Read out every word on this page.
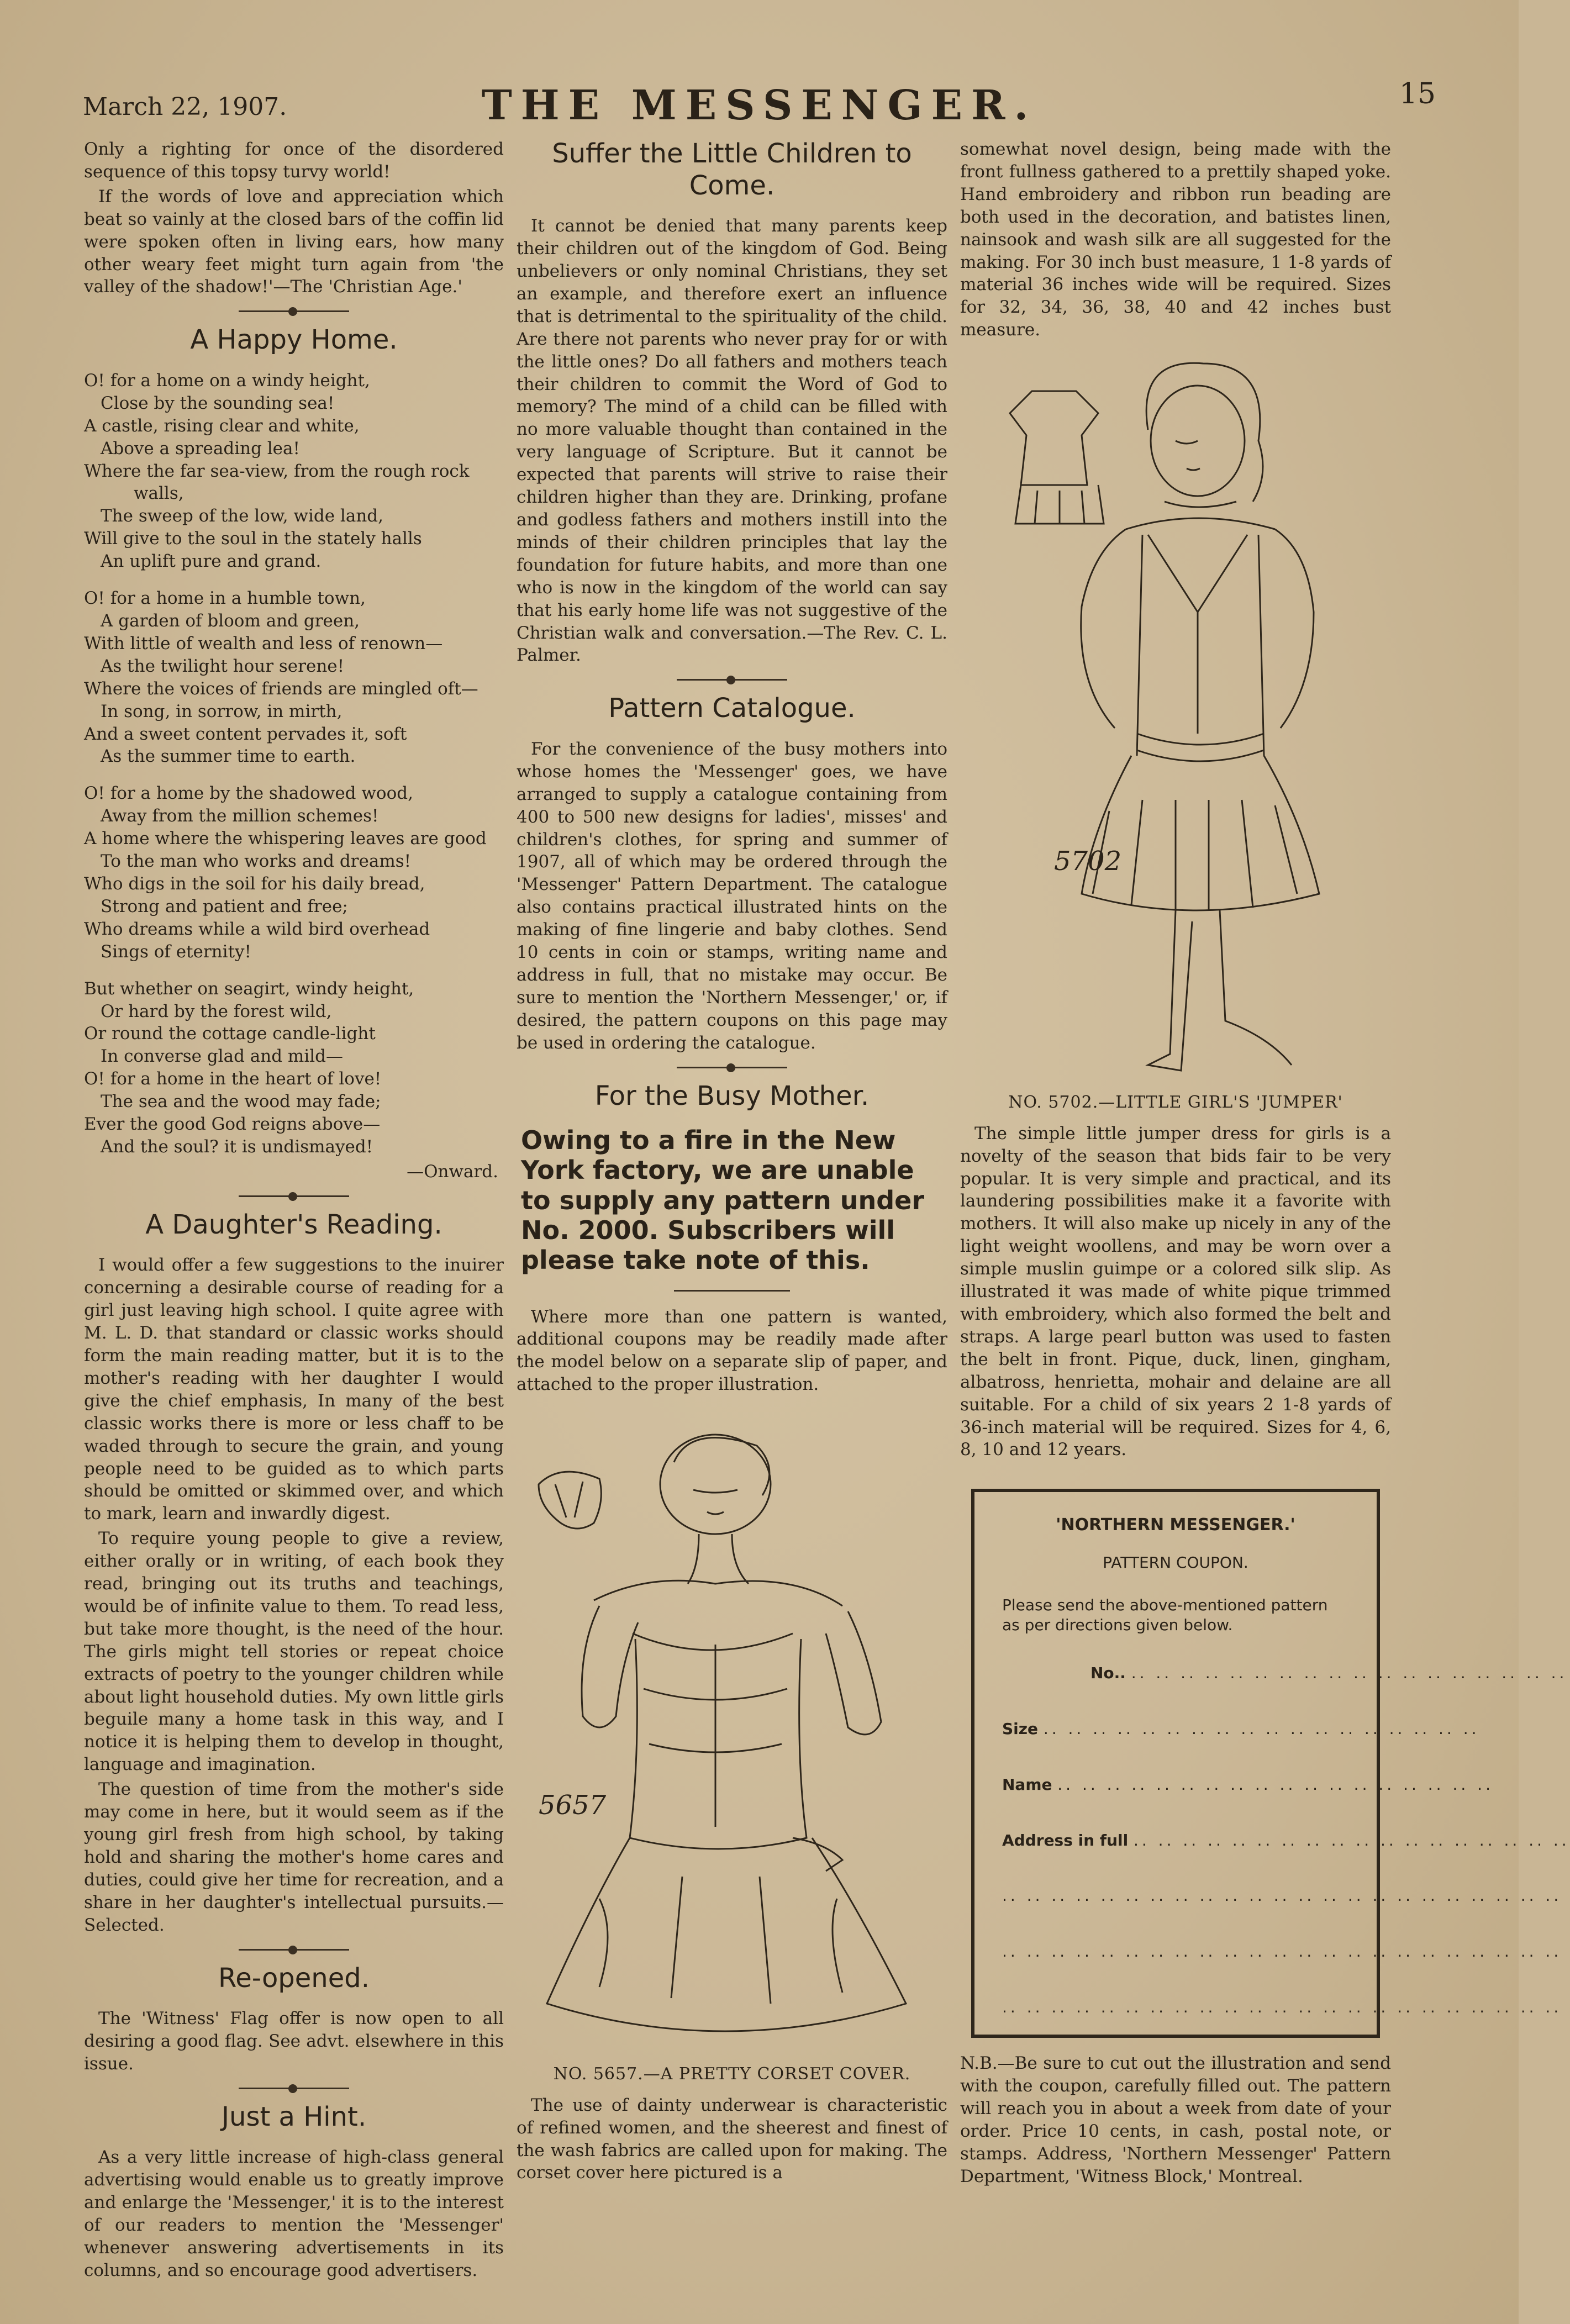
March 22, 1907.	THE MESSENGER.	15

Only a righting for once of the disordered sequence of this topsy turvy world!

If the words of love and appreciation which beat so vainly at the closed bars of the coffin lid were spoken often in living ears, how many other weary feet might turn again from 'the valley of the shadow!'—The 'Christian Age.'

A Happy Home.
O! for a home on a windy height,
Close by the sounding sea!
A castle, rising clear and white,
Above a spreading lea!
Where the far sea-view, from the rough rock
walls,
The sweep of the low, wide land,
Will give to the soul in the stately halls
An uplift pure and grand.
O! for a home in a humble town,
A garden of bloom and green,
With little of wealth and less of renown—
As the twilight hour serene!
Where the voices of friends are mingled oft—
In song, in sorrow, in mirth,
And a sweet content pervades it, soft
As the summer time to earth.
O! for a home by the shadowed wood,
Away from the million schemes!
A home where the whispering leaves are good
To the man who works and dreams!
Who digs in the soil for his daily bread,
Strong and patient and free;
Who dreams while a wild bird overhead
Sings of eternity!
But whether on seagirt, windy height,
Or hard by the forest wild,
Or round the cottage candle-light
In converse glad and mild—
O! for a home in the heart of love!
The sea and the wood may fade;
Ever the good God reigns above—
And the soul? it is undismayed!
—Onward.
A Daughter's Reading.

I would offer a few suggestions to the inuirer concerning a desirable course of reading for a girl just leaving high school. I quite agree with M. L. D. that standard or classic works should form the main reading matter, but it is to the mother's reading with her daughter I would give the chief emphasis, In many of the best classic works there is more or less chaff to be waded through to secure the grain, and young people need to be guided as to which parts should be omitted or skimmed over, and which to mark, learn and inwardly digest.

To require young people to give a review, either orally or in writing, of each book they read, bringing out its truths and teachings, would be of infinite value to them. To read less, but take more thought, is the need of the hour. The girls might tell stories or repeat choice extracts of poetry to the younger children while about light household duties. My own little girls beguile many a home task in this way, and I notice it is helping them to develop in thought, language and imagination.

The question of time from the mother's side may come in here, but it would seem as if the young girl fresh from high school, by taking hold and sharing the mother's home cares and duties, could give her time for recreation, and a share in her daughter's intellectual pursuits.—Selected.

Re-opened.

The 'Witness' Flag offer is now open to all desiring a good flag. See advt. elsewhere in this issue.

Just a Hint.

As a very little increase of high-class general advertising would enable us to greatly improve and enlarge the 'Messenger,' it is to the interest of our readers to mention the 'Messenger' whenever answering advertisements in its columns, and so encourage good advertisers.

Suffer the Little Children to Come.

It cannot be denied that many parents keep their children out of the kingdom of God. Being unbelievers or only nominal Christians, they set an example, and therefore exert an influence that is detrimental to the spirituality of the child. Are there not parents who never pray for or with the little ones? Do all fathers and mothers teach their children to commit the Word of God to memory? The mind of a child can be filled with no more valuable thought than contained in the very language of Scripture. But it cannot be expected that parents will strive to raise their children higher than they are. Drinking, profane and godless fathers and mothers instill into the minds of their children principles that lay the foundation for future habits, and more than one who is now in the kingdom of the world can say that his early home life was not suggestive of the Christian walk and conversation.—The Rev. C. L. Palmer.

Pattern Catalogue.

For the convenience of the busy mothers into whose homes the 'Messenger' goes, we have arranged to supply a catalogue containing from 400 to 500 new designs for ladies', misses' and children's clothes, for spring and summer of 1907, all of which may be ordered through the 'Messenger' Pattern Department. The catalogue also contains practical illustrated hints on the making of fine lingerie and baby clothes. Send 10 cents in coin or stamps, writing name and address in full, that no mistake may occur. Be sure to mention the 'Northern Messenger,' or, if desired, the pattern coupons on this page may be used in ordering the catalogue.

For the Busy Mother.
Owing to a fire in the New York factory, we are unable to supply any pattern under No. 2000. Subscribers will please take note of this.

Where more than one pattern is wanted, additional coupons may be readily made after the model below on a separate slip of paper, and attached to the proper illustration.

5657
NO. 5657.—A PRETTY CORSET COVER.

The use of dainty underwear is characteristic of refined women, and the sheerest and finest of the wash fabrics are called upon for making. The corset cover here pictured is a

somewhat novel design, being made with the front fullness gathered to a prettily shaped yoke. Hand embroidery and ribbon run beading are both used in the decoration, and batistes linen, nainsook and wash silk are all suggested for the making. For 30 inch bust measure, 1 1-8 yards of material 36 inches wide will be required. Sizes for 32, 34, 36, 38, 40 and 42 inches bust measure.

5702
NO. 5702.—LITTLE GIRL'S 'JUMPER'

The simple little jumper dress for girls is a novelty of the season that bids fair to be very popular. It is very simple and practical, and its laundering possibilities make it a favorite with mothers. It will also make up nicely in any of the light weight woollens, and may be worn over a simple muslin guimpe or a colored silk slip. As illustrated it was made of white pique trimmed with embroidery, which also formed the belt and straps. A large pearl button was used to fasten the belt in front. Pique, duck, linen, gingham, albatross, henrietta, mohair and delaine are all suitable. For a child of six years 2 1-8 yards of 36-inch material will be required. Sizes for 4, 6, 8, 10 and 12 years.

'NORTHERN MESSENGER.'
PATTERN COUPON.
Please send the above-mentioned pattern as per directions given below.
No.. .. .. .. .. .. .. .. .. .. .. .. .. .. .. .. .. .. ..
Size .. .. .. .. .. .. .. .. .. .. .. .. .. .. .. .. .. ..
Name .. .. .. .. .. .. .. .. .. .. .. .. .. .. .. .. .. ..
Address in full .. .. .. .. .. .. .. .. .. .. .. .. .. .. .. .. .. ..
.. .. .. .. .. .. .. .. .. .. .. .. .. .. .. .. .. .. .. .. .. .. ..
.. .. .. .. .. .. .. .. .. .. .. .. .. .. .. .. .. .. .. .. .. .. ..
.. .. .. .. .. .. .. .. .. .. .. .. .. .. .. .. .. .. .. .. .. .. ..

N.B.—Be sure to cut out the illustration and send with the coupon, carefully filled out. The pattern will reach you in about a week from date of your order. Price 10 cents, in cash, postal note, or stamps. Address, 'Northern Messenger' Pattern Department, 'Witness Block,' Montreal.
